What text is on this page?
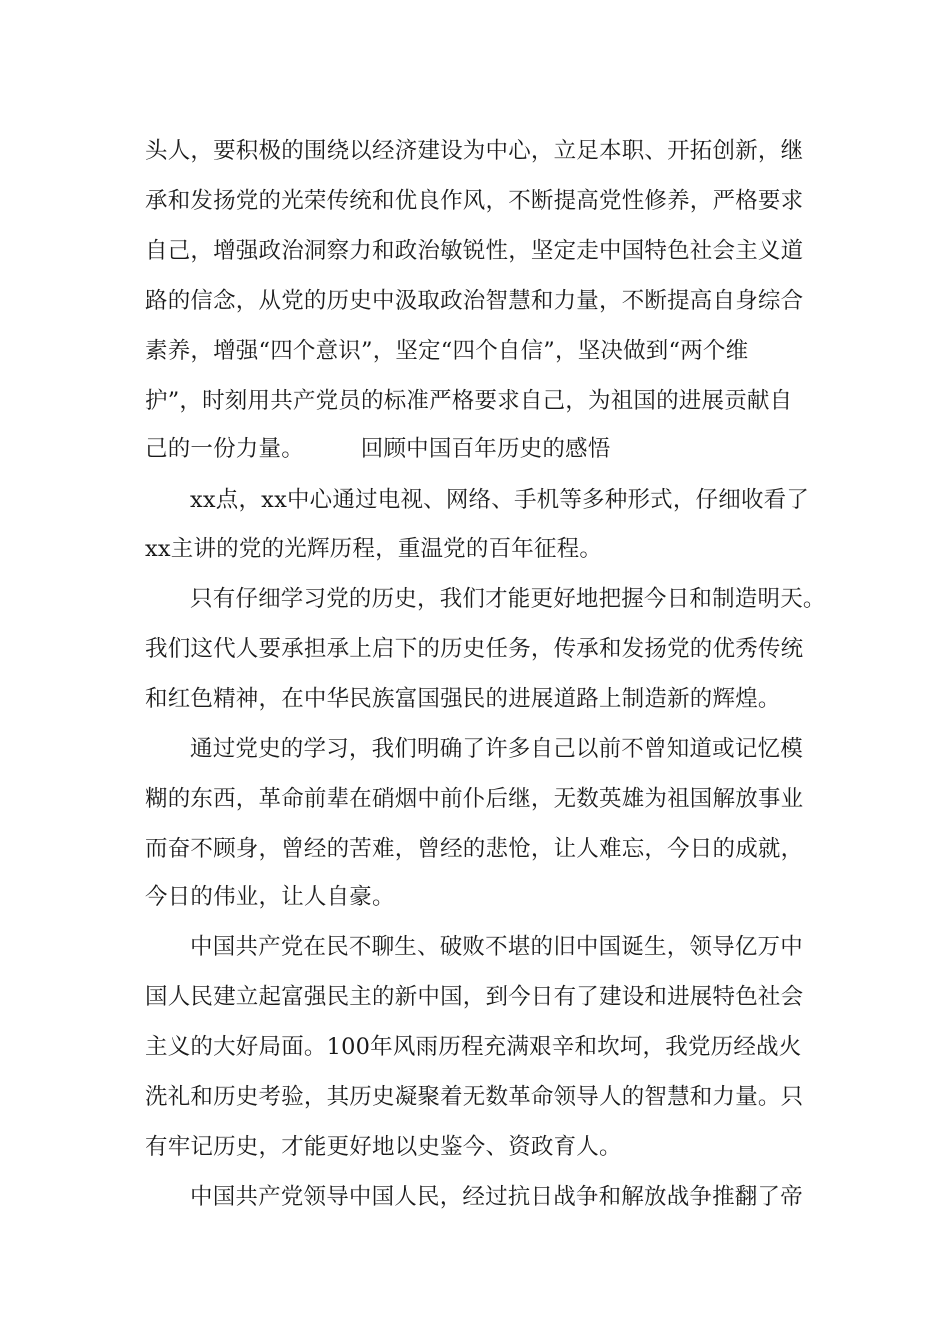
头人，要积极的围绕以经济建设为中心，立足本职、开拓创新，继
承和发扬党的光荣传统和优良作风，不断提高党性修养，严格要求
自己，增强政治洞察力和政治敏锐性，坚定走中国特色社会主义道
路的信念，从党的历史中汲取政治智慧和力量，不断提高自身综合
素养，增强“四个意识”，坚定“四个自信”，坚决做到“两个维
护”，时刻用共产党员的标准严格要求自己，为祖国的进展贡献自
己的一份力量。　　　回顾中国百年历史的感悟
xx点，xx中心通过电视、网络、手机等多种形式，仔细收看了
xx主讲的党的光辉历程，重温党的百年征程。
只有仔细学习党的历史，我们才能更好地把握今日和制造明天。
我们这代人要承担承上启下的历史任务，传承和发扬党的优秀传统
和红色精神，在中华民族富国强民的进展道路上制造新的辉煌。
通过党史的学习，我们明确了许多自己以前不曾知道或记忆模
糊的东西，革命前辈在硝烟中前仆后继，无数英雄为祖国解放事业
而奋不顾身，曾经的苦难，曾经的悲怆，让人难忘，今日的成就，
今日的伟业，让人自豪。
中国共产党在民不聊生、破败不堪的旧中国诞生，领导亿万中
国人民建立起富强民主的新中国，到今日有了建设和进展特色社会
主义的大好局面。100年风雨历程充满艰辛和坎坷，我党历经战火
洗礼和历史考验，其历史凝聚着无数革命领导人的智慧和力量。只
有牢记历史，才能更好地以史鉴今、资政育人。
中国共产党领导中国人民，经过抗日战争和解放战争推翻了帝
